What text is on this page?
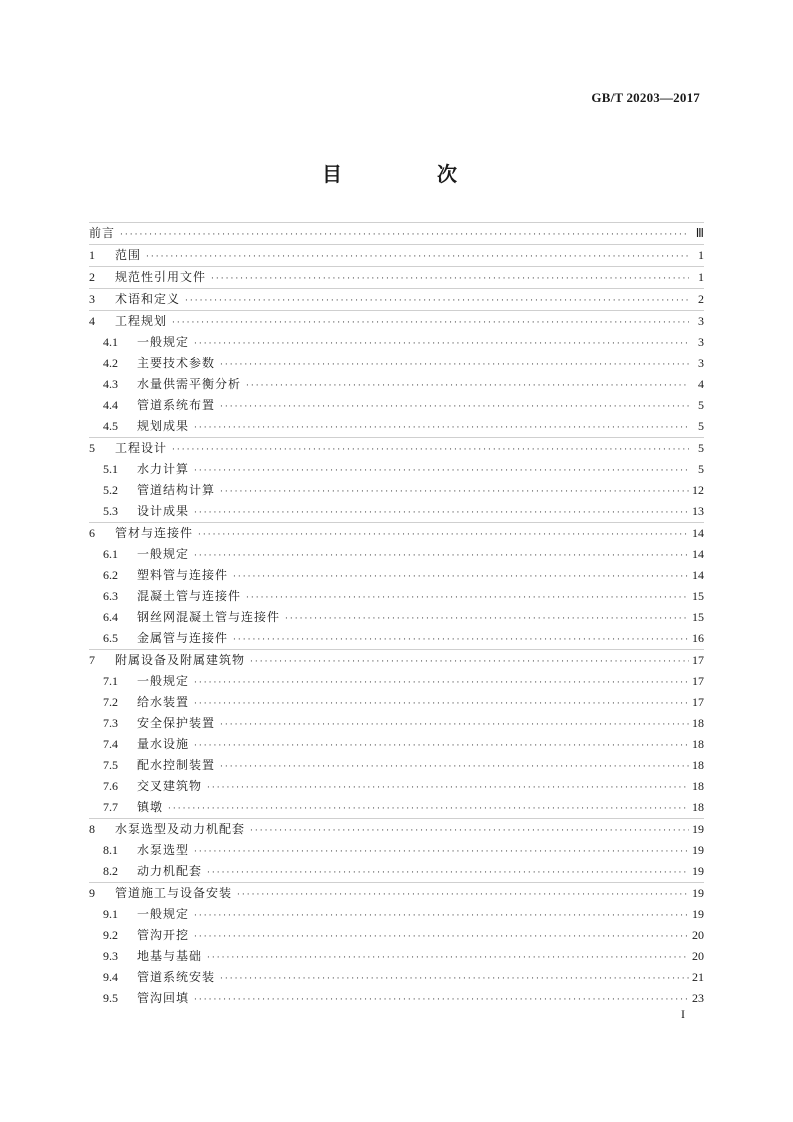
GB/T 20203—2017
目 次
前言 ·····	Ⅲ
1	范围 ·····	1
2	规范性引用文件 ·····	1
3	术语和定义 ·····	2
4	工程规划 ·····	3
4.1	一般规定 ·····	3
4.2	主要技术参数 ·····	3
4.3	水量供需平衡分析 ·····	4
4.4	管道系统布置 ·····	5
4.5	规划成果 ·····	5
5	工程设计 ·····	5
5.1	水力计算 ·····	5
5.2	管道结构计算 ·····	12
5.3	设计成果 ·····	13
6	管材与连接件 ·····	14
6.1	一般规定 ·····	14
6.2	塑料管与连接件 ·····	14
6.3	混凝土管与连接件 ·····	15
6.4	钢丝网混凝土管与连接件 ·····	15
6.5	金属管与连接件 ·····	16
7	附属设备及附属建筑物 ·····	17
7.1	一般规定 ·····	17
7.2	给水装置 ·····	17
7.3	安全保护装置 ·····	18
7.4	量水设施 ·····	18
7.5	配水控制装置 ·····	18
7.6	交叉建筑物 ·····	18
7.7	镇墩 ·····	18
8	水泵选型及动力机配套 ·····	19
8.1	水泵选型 ·····	19
8.2	动力机配套 ·····	19
9	管道施工与设备安装 ·····	19
9.1	一般规定 ·····	19
9.2	管沟开挖 ·····	20
9.3	地基与基础 ·····	20
9.4	管道系统安装 ·····	21
9.5	管沟回填 ·····	23
I
